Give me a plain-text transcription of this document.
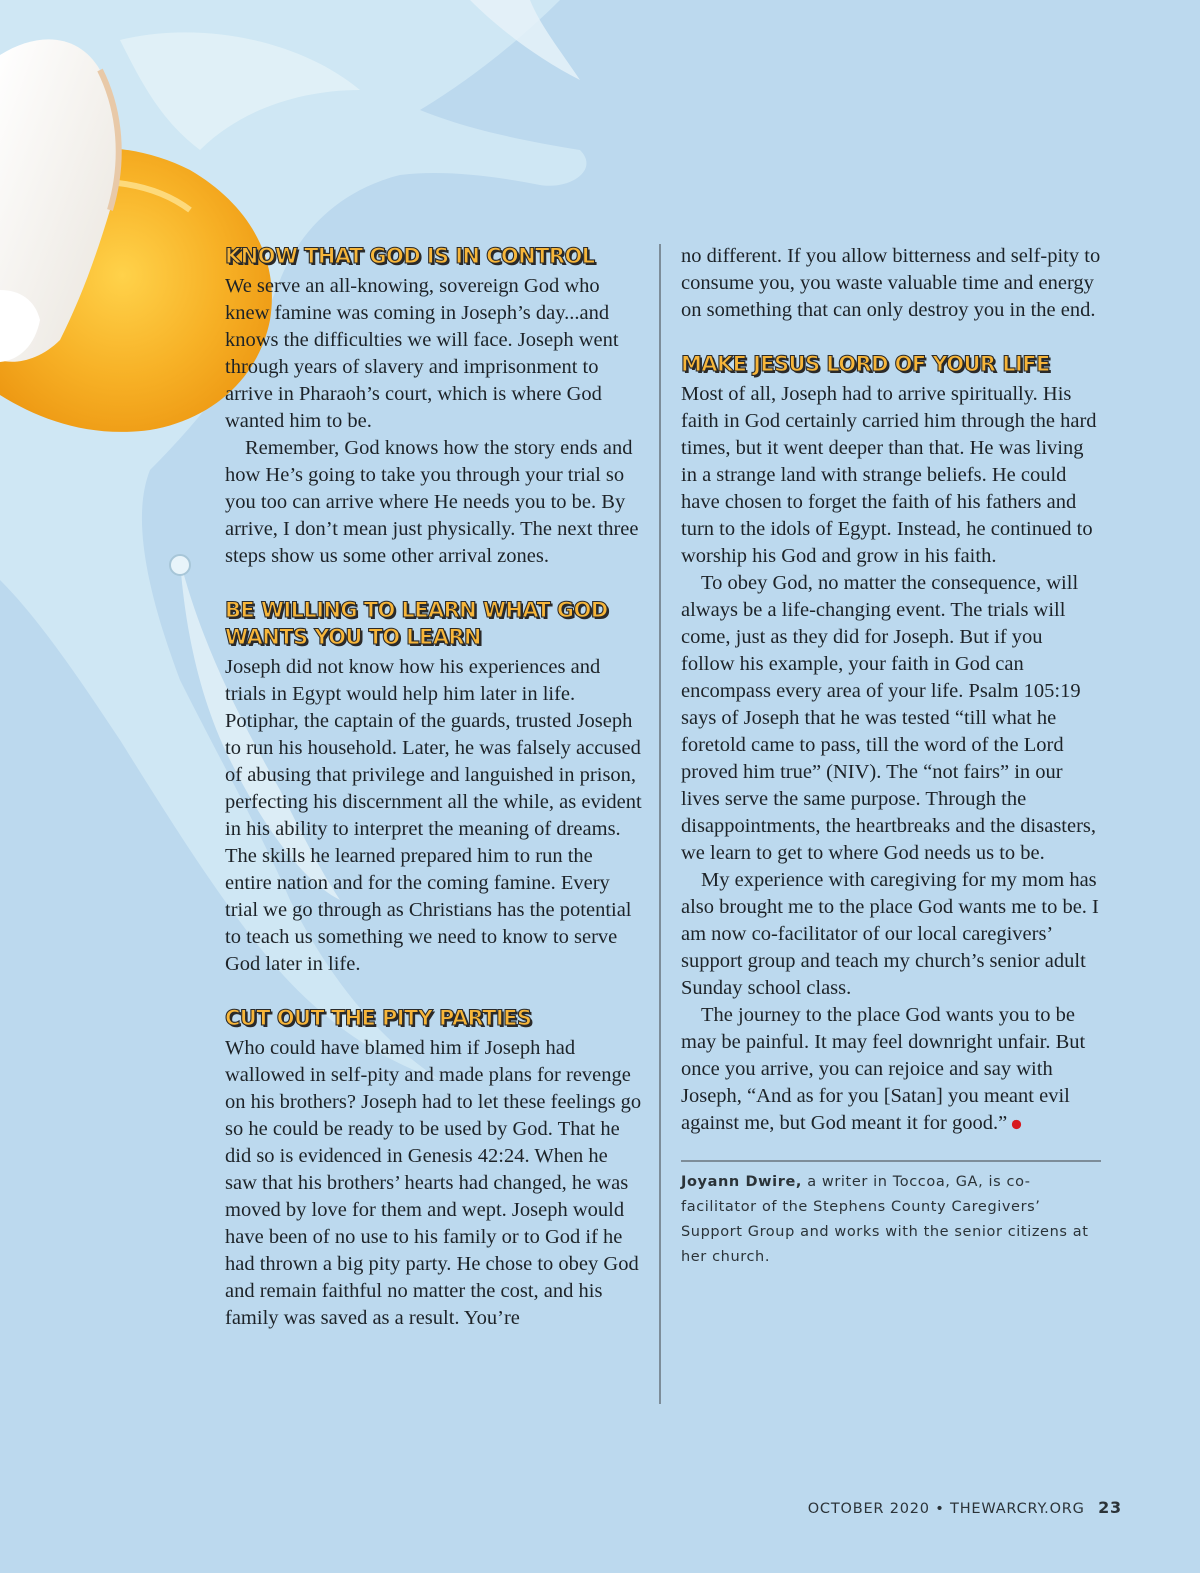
KNOW THAT GOD IS IN CONTROL

We serve an all-knowing, sovereign God who knew famine was coming in Joseph’s day...and knows the difficulties we will face. Joseph went through years of slavery and imprisonment to arrive in Pharaoh’s court, which is where God wanted him to be.

Remember, God knows how the story ends and how He’s going to take you through your trial so you too can arrive where He needs you to be. By arrive, I don’t mean just physically. The next three steps show us some other arrival zones.

BE WILLING TO LEARN WHAT GOD WANTS YOU TO LEARN

Joseph did not know how his experiences and trials in Egypt would help him later in life. Potiphar, the captain of the guards, trusted Joseph to run his household. Later, he was falsely accused of abusing that privilege and languished in prison, perfecting his discernment all the while, as evident in his ability to interpret the meaning of dreams. The skills he learned prepared him to run the entire nation and for the coming famine. Every trial we go through as Christians has the potential to teach us something we need to know to serve God later in life.

CUT OUT THE PITY PARTIES

Who could have blamed him if Joseph had wallowed in self-pity and made plans for revenge on his brothers? Joseph had to let these feelings go so he could be ready to be used by God. That he did so is evidenced in Genesis 42:24. When he saw that his brothers’ hearts had changed, he was moved by love for them and wept. Joseph would have been of no use to his family or to God if he had thrown a big pity party. He chose to obey God and remain faithful no matter the cost, and his family was saved as a result. You’re

no different. If you allow bitterness and self-pity to consume you, you waste valuable time and energy on something that can only destroy you in the end.

MAKE JESUS LORD OF YOUR LIFE

Most of all, Joseph had to arrive spiritually. His faith in God certainly carried him through the hard times, but it went deeper than that. He was living in a strange land with strange beliefs. He could have chosen to forget the faith of his fathers and turn to the idols of Egypt. Instead, he continued to worship his God and grow in his faith.

To obey God, no matter the consequence, will always be a life-changing event. The trials will come, just as they did for Joseph. But if you follow his example, your faith in God can encompass every area of your life. Psalm 105:19 says of Joseph that he was tested “till what he foretold came to pass, till the word of the Lord proved him true” (NIV). The “not fairs” in our lives serve the same purpose. Through the disappointments, the heartbreaks and the disasters, we learn to get to where God needs us to be.

My experience with caregiving for my mom has also brought me to the place God wants me to be. I am now co-facilitator of our local caregivers’ support group and teach my church’s senior adult Sunday school class.

The journey to the place God wants you to be may be painful. It may feel downright unfair. But once you arrive, you can rejoice and say with Joseph, “And as for you [Satan] you meant evil against me, but God meant it for good.”

Joyann Dwire, a writer in Toccoa, GA, is co-facilitator of the Stephens County Caregivers’ Support Group and works with the senior citizens at her church.
OCTOBER 2020 • THEWARCRY.ORG 23
